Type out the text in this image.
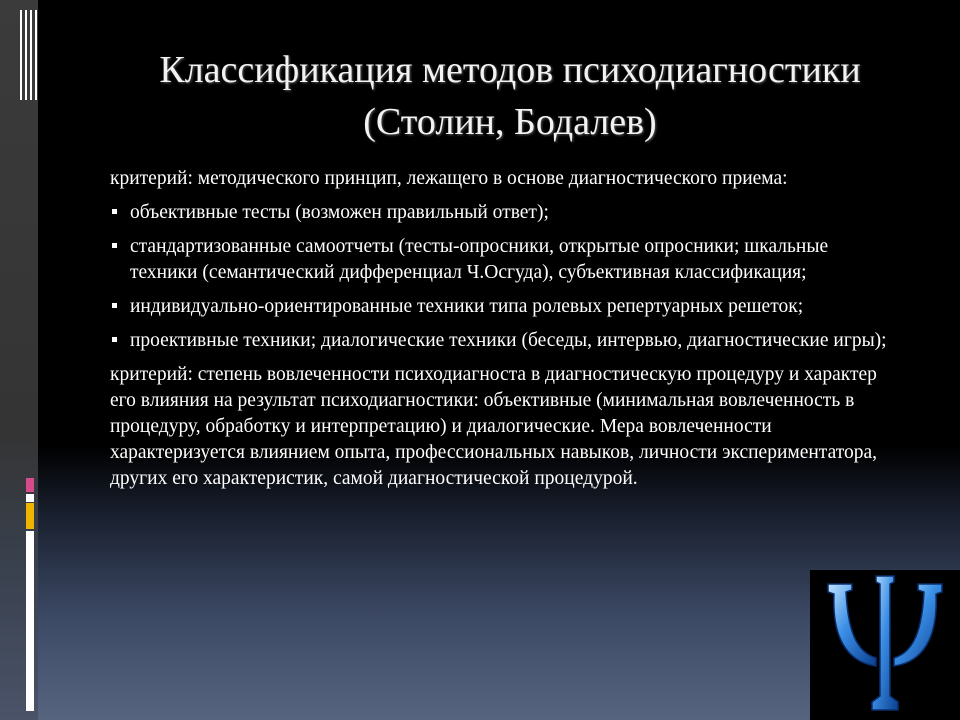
Классификация методов психодиагностики
(Столин, Бодалев)

критерий: методического принцип, лежащего в основе диагностического приема:

объективные тесты (возможен правильный ответ);
стандартизованные самоотчеты (тесты-опросники, открытые опросники; шкальные техники (семантический дифференциал Ч.Осгуда), субъективная классификация;
индивидуально-ориентированные техники типа ролевых репертуарных решеток;
проективные техники; диалогические техники (беседы, интервью, диагностические игры);

критерий: степень вовлеченности психодиагноста в диагностическую процедуру и характер его влияния на результат психодиагностики: объективные (минимальная вовлеченность в процедуру, обработку и интерпретацию) и диалогические. Мера вовлеченности характеризуется влиянием опыта, профессиональных навыков, личности экспериментатора, других его характеристик, самой диагностической процедурой.
